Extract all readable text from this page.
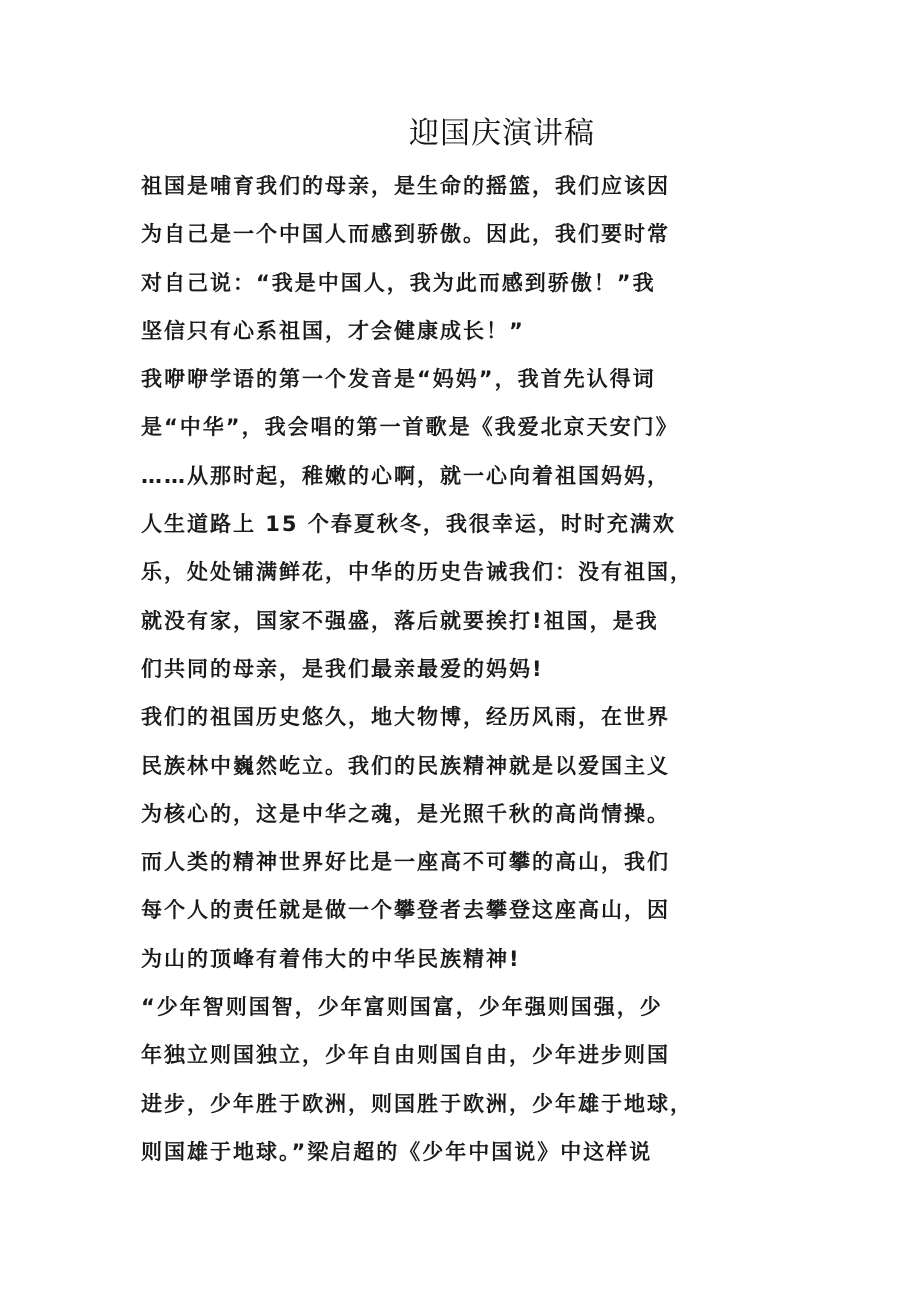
迎国庆演讲稿
祖国是哺育我们的母亲，是生命的摇篮，我们应该因
为自己是一个中国人而感到骄傲。因此，我们要时常
对自己说：“我是中国人，我为此而感到骄傲！”我
坚信只有心系祖国，才会健康成长！”
我咿咿学语的第一个发音是“妈妈”，我首先认得词
是“中华”，我会唱的第一首歌是《我爱北京天安门》
……从那时起，稚嫩的心啊，就一心向着祖国妈妈，
人生道路上 15 个春夏秋冬，我很幸运，时时充满欢
乐，处处铺满鲜花，中华的历史告诫我们：没有祖国，
就没有家，国家不强盛，落后就要挨打!祖国，是我
们共同的母亲，是我们最亲最爱的妈妈!
我们的祖国历史悠久，地大物博，经历风雨，在世界
民族林中巍然屹立。我们的民族精神就是以爱国主义
为核心的，这是中华之魂，是光照千秋的高尚情操。
而人类的精神世界好比是一座高不可攀的高山，我们
每个人的责任就是做一个攀登者去攀登这座高山，因
为山的顶峰有着伟大的中华民族精神!
“少年智则国智，少年富则国富，少年强则国强，少
年独立则国独立，少年自由则国自由，少年进步则国
进步，少年胜于欧洲，则国胜于欧洲，少年雄于地球，
则国雄于地球。”梁启超的《少年中国说》中这样说
